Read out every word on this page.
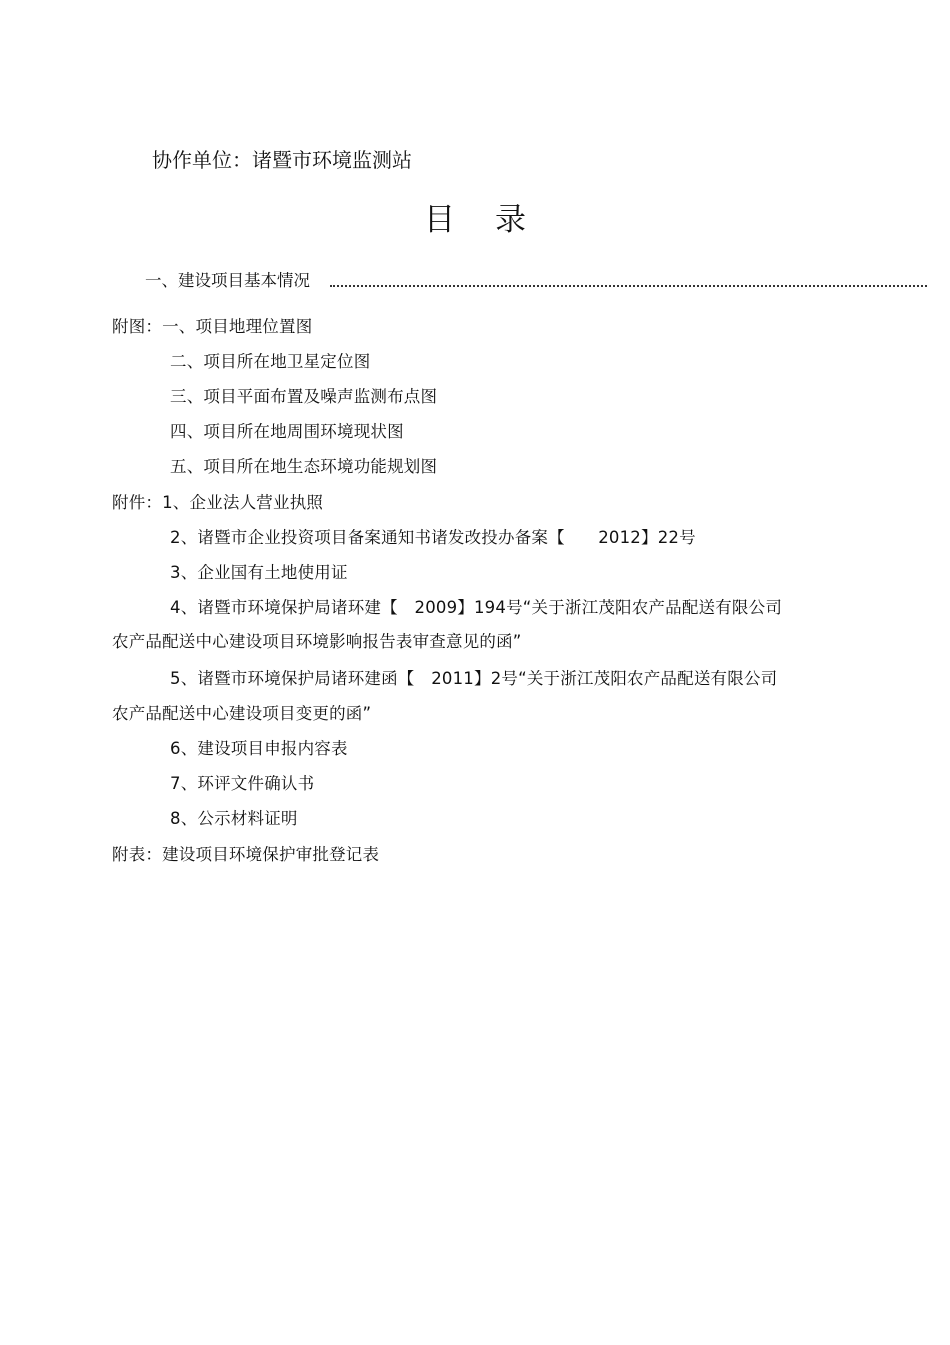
协作单位：诸暨市环境监测站
目录
一、建设项目基本情况
附图：一、项目地理位置图
二、项目所在地卫星定位图
三、项目平面布置及噪声监测布点图
四、项目所在地周围环境现状图
五、项目所在地生态环境功能规划图
附件：1、企业法人营业执照
2、诸暨市企业投资项目备案通知书诸发改投办备案【　　2012】22号
3、企业国有土地使用证
4、诸暨市环境保护局诸环建【　2009】194号“关于浙江茂阳农产品配送有限公司
农产品配送中心建设项目环境影响报告表审查意见的函”
5、诸暨市环境保护局诸环建函【　2011】2号“关于浙江茂阳农产品配送有限公司
农产品配送中心建设项目变更的函”
6、建设项目申报内容表
7、环评文件确认书
8、公示材料证明
附表：建设项目环境保护审批登记表
